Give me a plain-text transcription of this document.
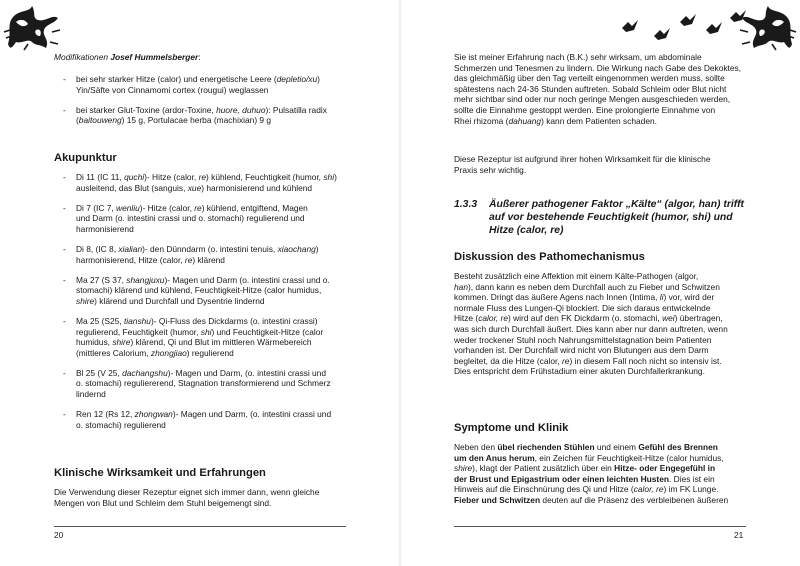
Modifikationen Josef Hummelsberger:
- bei sehr starker Hitze (calor) und energetische Leere (depletio/xu)
Yin/Säfte von Cinnamomi cortex (rougui) weglassen
- bei starker Glut-Toxine (ardor-Toxine, huore, duhuo): Pulsatilla radix
(baitouweng) 15 g, Portulacae herba (machixian) 9 g
Akupunktur
- Di 11 (IC 11, quchi)- Hitze (calor, re) kühlend, Feuchtigkeit (humor, shi)
ausleitend, das Blut (sanguis, xue) harmonisierend und kühlend
- Di 7 (IC 7, wenliu)- Hitze (calor, re) kühlend, entgiftend, Magen
und Darm (o. intestini crassi und o. stomachi) regulierend und
harmonisierend
- Di 8, (IC 8, xialian)- den Dünndarm (o. intestini tenuis, xiaochang)
harmonisierend, Hitze (calor, re) klärend
- Ma 27 (S 37, shangjuxu)- Magen und Darm (o. intestini crassi und o.
stomachi) klärend und kühlend, Feuchtigkeit-Hitze (calor humidus,
shire) klärend und Durchfall und Dysentrie lindernd
- Ma 25 (S25, tianshu)- Qi-Fluss des Dickdarms (o. intestini crassi)
regulierend, Feuchtigkeit (humor, shi) und Feuchtigkeit-Hitze (calor
humidus, shire) klärend, Qi und Blut im mittleren Wärmebereich
(mittleres Calorium, zhongjiao) regulierend
- Bl 25 (V 25, dachangshu)- Magen und Darm, (o. intestini crassi und
o. stomachi) reguliererend, Stagnation transformierend und Schmerz
lindernd
- Ren 12 (Rs 12, zhongwan)- Magen und Darm, (o. intestini crassi und
o. stomachi) regulierend
Klinische Wirksamkeit und Erfahrungen
Die Verwendung dieser Rezeptur eignet sich immer dann, wenn gleiche
Mengen von Blut und Schleim dem Stuhl beigemengt sind.
20
Sie ist meiner Erfahrung nach (B.K.) sehr wirksam, um abdominale
Schmerzen und Tenesmen zu lindern. Die Wirkung nach Gabe des Dekoktes,
das gleichmäßig über den Tag verteilt eingenommen werden muss, sollte
spätestens nach 24-36 Stunden auftreten. Sobald Schleim oder Blut nicht
mehr sichtbar sind oder nur noch geringe Mengen ausgeschieden werden,
sollte die Einnahme gestoppt werden. Eine prolongierte Einnahme von
Rhei rhizoma (dahuang) kann dem Patienten schaden.
Diese Rezeptur ist aufgrund ihrer hohen Wirksamkeit für die klinische
Praxis sehr wichtig.
1.3.3 Äußerer pathogener Faktor „Kälte“ (algor, han) trifft
auf vor bestehende Feuchtigkeit (humor, shi) und
Hitze (calor, re)
Diskussion des Pathomechanismus
Besteht zusätzlich eine Affektion mit einem Kälte-Pathogen (algor,
han), dann kann es neben dem Durchfall auch zu Fieber und Schwitzen
kommen. Dringt das äußere Agens nach Innen (Intima, li) vor, wird der
normale Fluss des Lungen-Qi blockiert. Die sich daraus entwickelnde
Hitze (calor, re) wird auf den FK Dickdarm (o. stomachi, wei) übertragen,
was sich durch Durchfall äußert. Dies kann aber nur dann auftreten, wenn
weder trockener Stuhl noch Nahrungsmittelstagnation beim Patienten
vorhanden ist. Der Durchfall wird nicht von Blutungen aus dem Darm
begleitet, da die Hitze (calor, re) in diesem Fall noch nicht so intensiv ist.
Dies entspricht dem Frühstadium einer akuten Durchfallerkrankung.
Symptome und Klinik
Neben den übel riechenden Stühlen und einem Gefühl des Brennen
um den Anus herum, ein Zeichen für Feuchtigkeit-Hitze (calor humidus,
shire), klagt der Patient zusätzlich über ein Hitze- oder Engegefühl in
der Brust und Epigastrium oder einen leichten Husten. Dies ist ein
Hinweis auf die Einschnürung des Qi und Hitze (calor, re) im FK Lunge.
Fieber und Schwitzen deuten auf die Präsenz des verbleibenen äußeren
21
